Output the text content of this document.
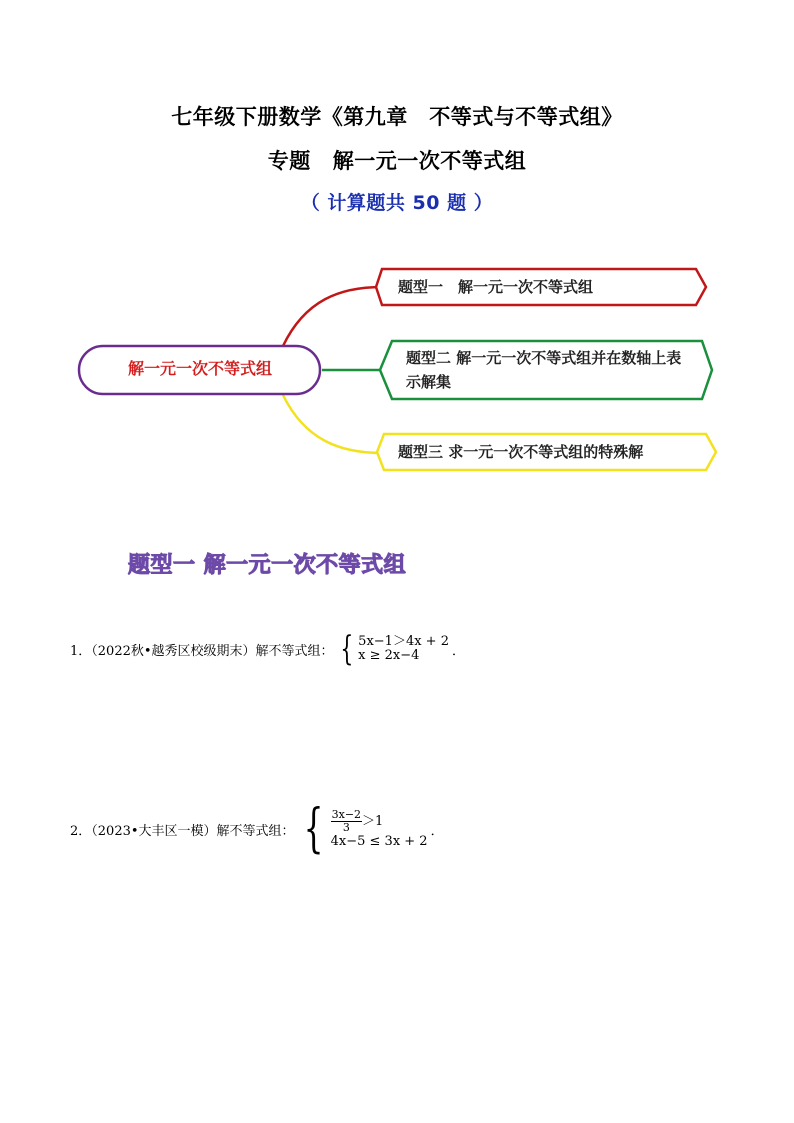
七年级下册数学《第九章　不等式与不等式组》
专题 解一元一次不等式组
（ 计算题共 50 题 ）
解一元一次不等式组
题型一　解一元一次不等式组
题型二 解一元一次不等式组并在数轴上表示解集
题型三 求一元一次不等式组的特殊解
题型一 解一元一次不等式组
1．（2022秋•越秀区校级期末）解不等式组： { 5x−1＞4x + 2
x ≥ 2x−4	．
2．（2023•大丰区一模）解不等式组： { $\frac{3x-2}{3} >1$
4x−5 ≤ 3x + 2
．
